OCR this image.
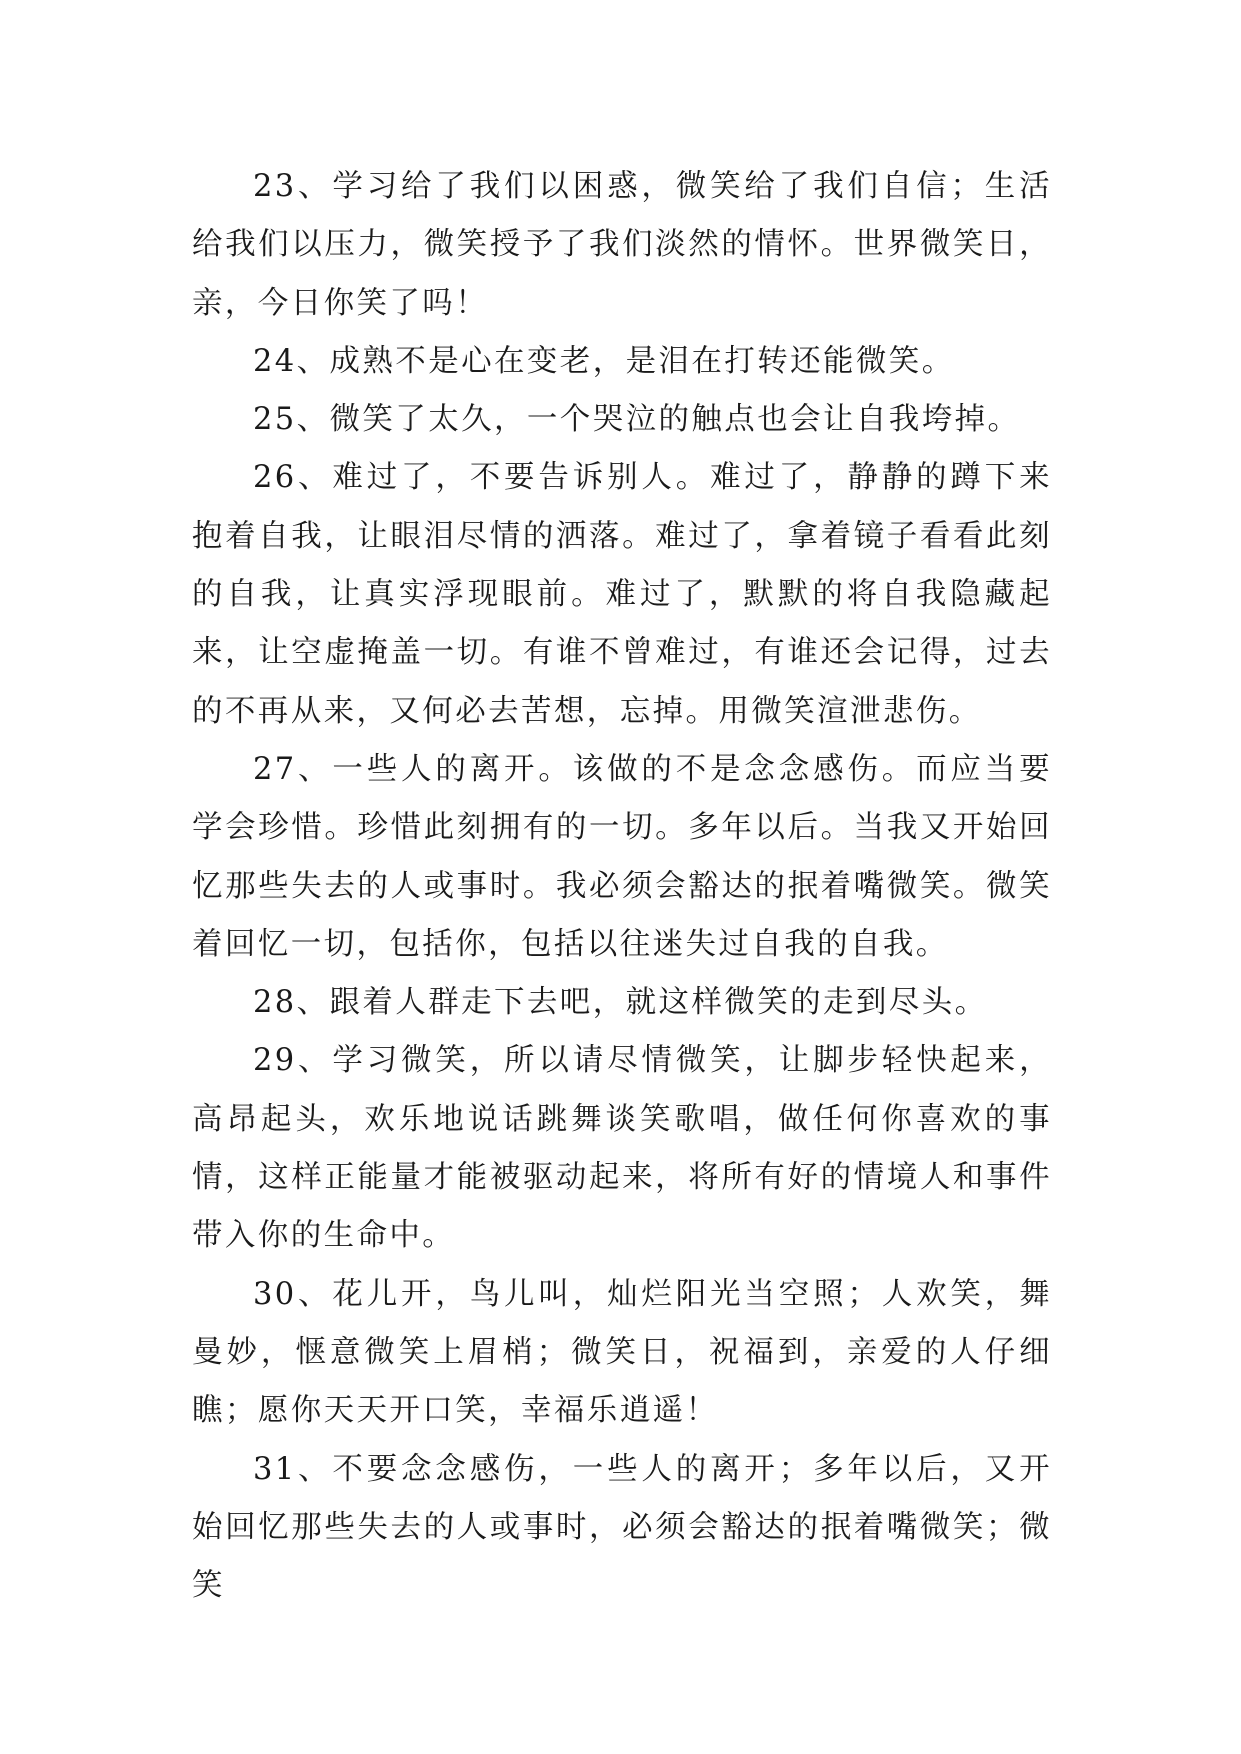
23、学习给了我们以困惑，微笑给了我们自信；生活给我们以压力，微笑授予了我们淡然的情怀。世界微笑日，亲，今日你笑了吗！

24、成熟不是心在变老，是泪在打转还能微笑。

25、微笑了太久，一个哭泣的触点也会让自我垮掉。

26、难过了，不要告诉别人。难过了，静静的蹲下来抱着自我，让眼泪尽情的洒落。难过了，拿着镜子看看此刻的自我，让真实浮现眼前。难过了，默默的将自我隐藏起来，让空虚掩盖一切。有谁不曾难过，有谁还会记得，过去的不再从来，又何必去苦想，忘掉。用微笑渲泄悲伤。

27、一些人的离开。该做的不是念念感伤。而应当要学会珍惜。珍惜此刻拥有的一切。多年以后。当我又开始回忆那些失去的人或事时。我必须会豁达的抿着嘴微笑。微笑着回忆一切，包括你，包括以往迷失过自我的自我。

28、跟着人群走下去吧，就这样微笑的走到尽头。

29、学习微笑，所以请尽情微笑，让脚步轻快起来，高昂起头，欢乐地说话跳舞谈笑歌唱，做任何你喜欢的事情，这样正能量才能被驱动起来，将所有好的情境人和事件带入你的生命中。

30、花儿开，鸟儿叫，灿烂阳光当空照；人欢笑，舞曼妙，惬意微笑上眉梢；微笑日，祝福到，亲爱的人仔细瞧；愿你天天开口笑，幸福乐逍遥！

31、不要念念感伤，一些人的离开；多年以后，又开始回忆那些失去的人或事时，必须会豁达的抿着嘴微笑；微笑
